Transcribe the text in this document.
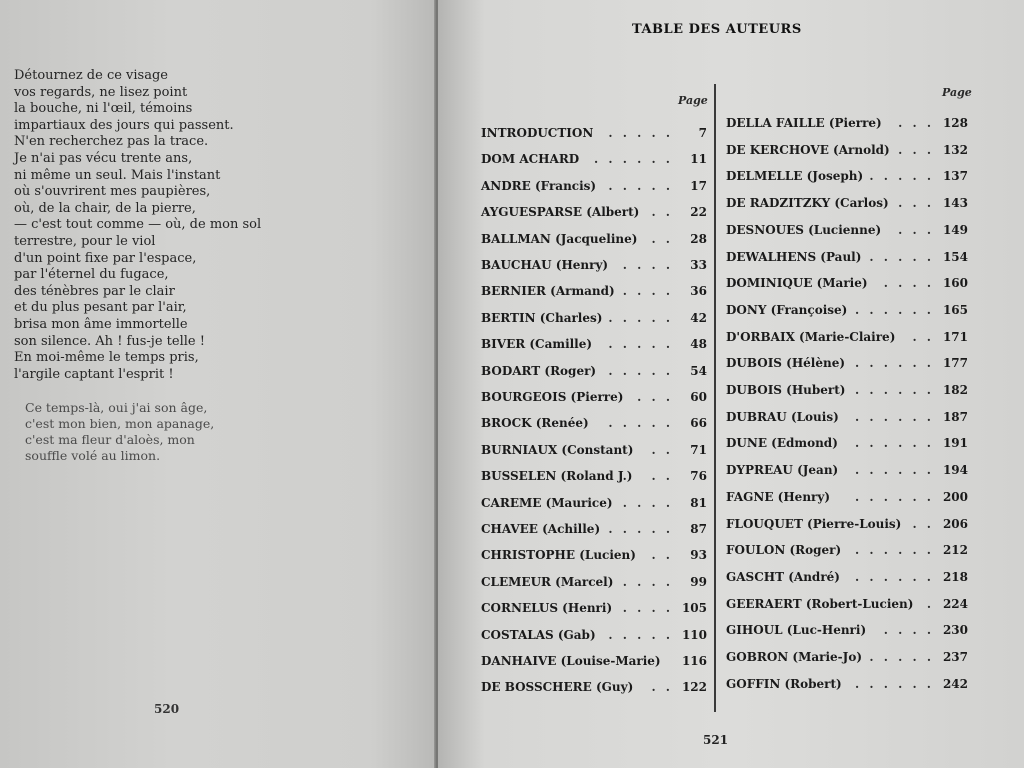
Détournez de ce visage
vos regards, ne lisez point
la bouche, ni l'œil, témoins
impartiaux des jours qui passent.
N'en recherchez pas la trace.
Je n'ai pas vécu trente ans,
ni même un seul. Mais l'instant
où s'ouvrirent mes paupières,
où, de la chair, de la pierre,
— c'est tout comme — où, de mon sol
terrestre, pour le viol
d'un point fixe par l'espace,
par l'éternel du fugace,
des ténèbres par le clair
et du plus pesant par l'air,
brisa mon âme immortelle
son silence. Ah ! fus-je telle !
En moi-même le temps pris,
l'argile captant l'esprit !
Ce temps-là, oui j'ai son âge,
c'est mon bien, mon apanage,
c'est ma fleur d'aloès, mon
souffle volé au limon.
520
TABLE DES AUTEURS
Page
Page
INTRODUCTION . . . . .	7
DOM ACHARD . . . . . .	11
ANDRE (Francis) . . . . .	17
AYGUESPARSE (Albert) . .	22
BALLMAN (Jacqueline) . .	28
BAUCHAU (Henry) . . . .	33
BERNIER (Armand) . . . .	36
BERTIN (Charles) . . . . .	42
BIVER (Camille) . . . . .	48
BODART (Roger) . . . . .	54
BOURGEOIS (Pierre) . . .	60
BROCK (Renée) . . . . .	66
BURNIAUX (Constant) . .	71
BUSSELEN (Roland J.) . .	76
CAREME (Maurice) . . . .	81
CHAVEE (Achille) . . . . .	87
CHRISTOPHE (Lucien) . .	93
CLEMEUR (Marcel) . . . .	99
CORNELUS (Henri) . . . . 105
COSTALAS (Gab) . . . . . 110
DANHAIVE (Louise-Marie)	116
DE BOSSCHERE (Guy) . . 122
DELLA FAILLE (Pierre) . . . 128
DE KERCHOVE (Arnold) . . . 132
DELMELLE (Joseph) . . . . . 137
DE RADZITZKY (Carlos) . . . 143
DESNOUES (Lucienne) . . . 149
DEWALHENS (Paul) . . . . . 154
DOMINIQUE (Marie) . . . . 160
DONY (Françoise) . . . . . . 165
D'ORBAIX (Marie-Claire) . . 171
DUBOIS (Hélène) . . . . . . 177
DUBOIS (Hubert) . . . . . . 182
DUBRAU (Louis) . . . . . . 187
DUNE (Edmond) . . . . . . 191
DYPREAU (Jean) . . . . . . 194
FAGNE (Henry) . . . . . . 200
FLOUQUET (Pierre-Louis) . . 206
FOULON (Roger) . . . . . . 212
GASCHT (André) . . . . . . 218
GEERAERT (Robert-Lucien) . 224
GIHOUL (Luc-Henri) . . . . 230
GOBRON (Marie-Jo) . . . . . 237
GOFFIN (Robert) . . . . . . 242
521
